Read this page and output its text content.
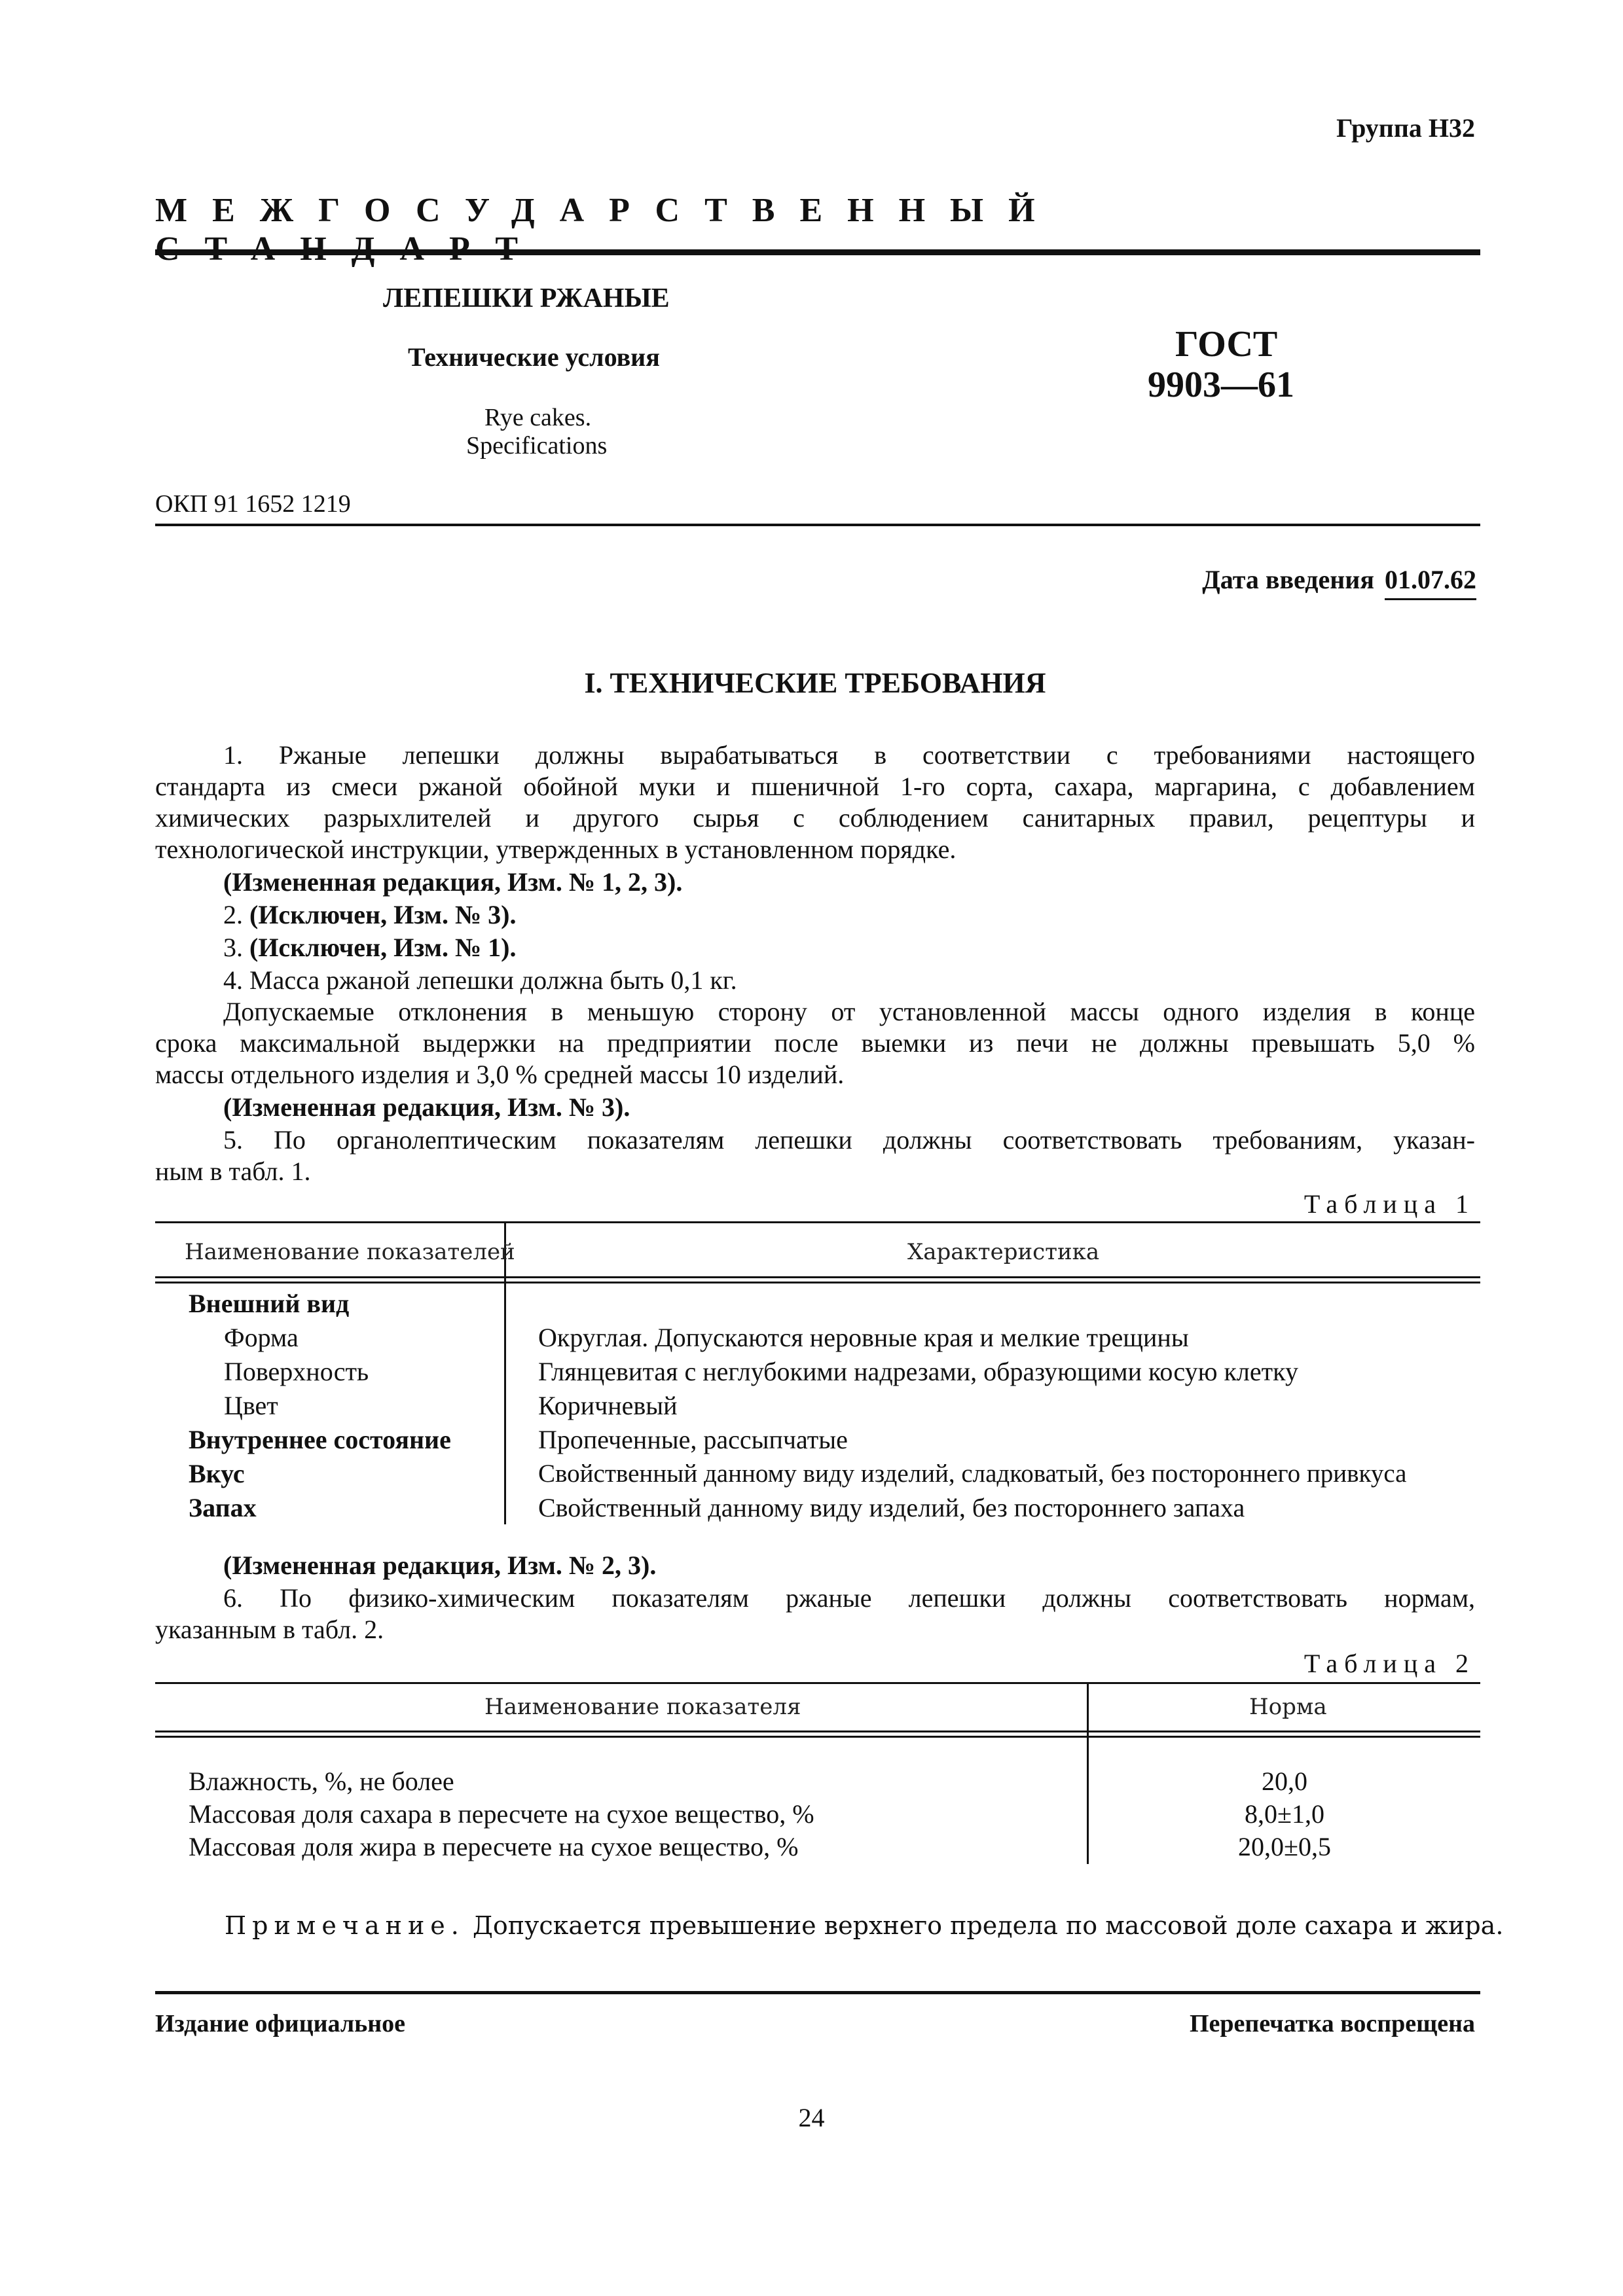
Группа Н32
МЕЖГОСУДАРСТВЕННЫЙ
ЛЕПЕШКИ РЖАНЫЕ
Технические условия
Rye cakes.
Specifications
ГОСТ
9903—61
ОКП 91 1652 1219
Дата введения 01.07.62
I. ТЕХНИЧЕСКИЕ ТРЕБОВАНИЯ
1. Ржаные лепешки должны вырабатываться в соответствии с требованиями настоящего
стандарта из смеси ржаной обойной муки и пшеничной 1-го сорта, сахара, маргарина, с добавлением
химических разрыхлителей и другого сырья с соблюдением санитарных правил, рецептуры и
технологической инструкции, утвержденных в установленном порядке.
(Измененная редакция, Изм. № 1, 2, 3).
2. (Исключен, Изм. № 3).
3. (Исключен, Изм. № 1).
4. Масса ржаной лепешки должна быть 0,1 кг.
Допускаемые отклонения в меньшую сторону от установленной массы одного изделия в конце
срока максимальной выдержки на предприятии после выемки из печи не должны превышать 5,0 %
массы отдельного изделия и 3,0 % средней массы 10 изделий.
(Измененная редакция, Изм. № 3).
5. По органолептическим показателям лепешки должны соответствовать требованиям, указан-
ным в табл. 1.
Таблица 1
Наименование показателей	Характеристика
Внешний вид
Форма	Округлая. Допускаются неровные края и мелкие трещины
Поверхность	Глянцевитая с неглубокими надрезами, образующими косую клетку
Цвет	Коричневый
Внутреннее состояние	Пропеченные, рассыпчатые
Вкус	Свойственный данному виду изделий, сладковатый, без постороннего привкуса
Запах	Свойственный данному виду изделий, без постороннего запаха
(Измененная редакция, Изм. № 2, 3).
6. По физико-химическим показателям ржаные лепешки должны соответствовать нормам,
указанным в табл. 2.
Таблица 2
Наименование показателя	Норма
Влажность, %, не более	20,0
Массовая доля сахара в пересчете на сухое вещество, %	8,0±1,0
Массовая доля жира в пересчете на сухое вещество, %	20,0±0,5
Примечание. Допускается превышение верхнего предела по массовой доле сахара и жира.
Издание официальное	Перепечатка воспрещена
24
